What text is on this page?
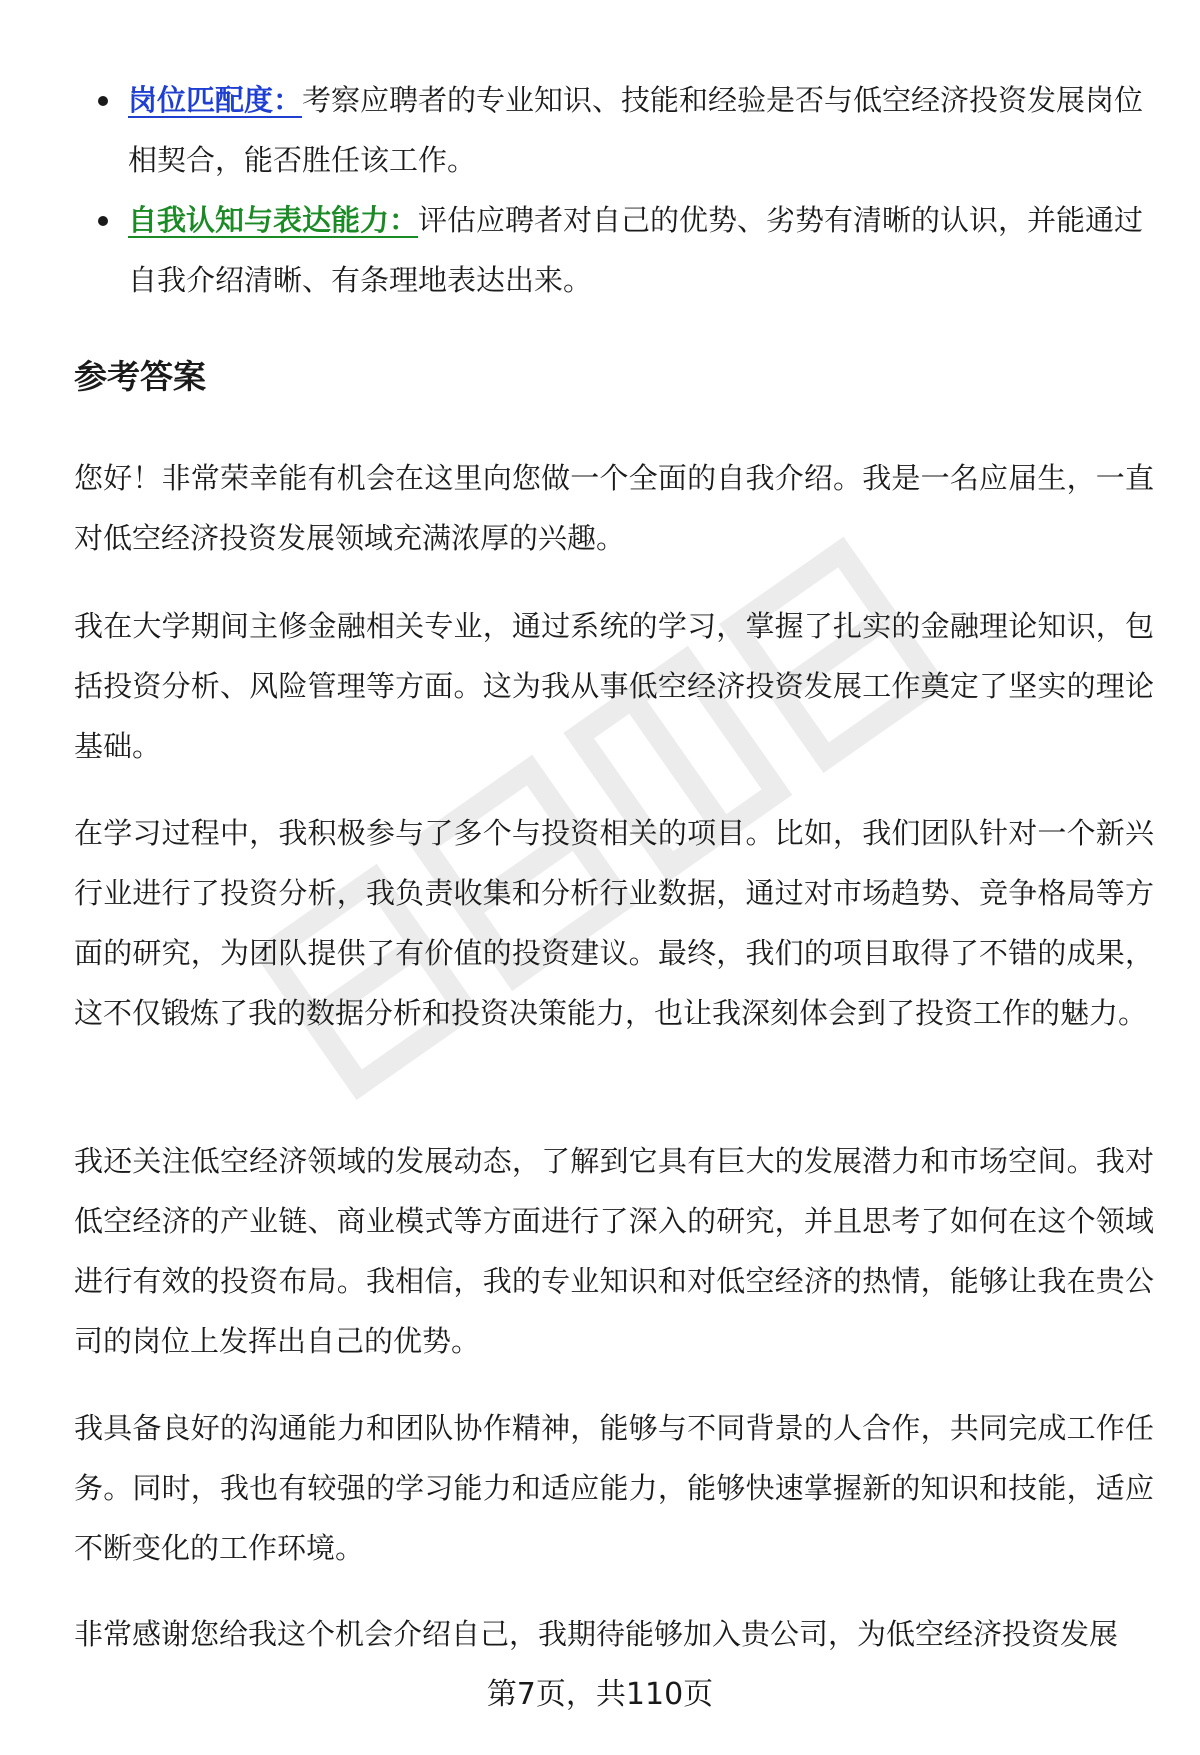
岗位匹配度：考察应聘者的专业知识、技能和经验是否与低空经济投资发展岗位相契合，能否胜任该工作。
自我认知与表达能力：评估应聘者对自己的优势、劣势有清晰的认识，并能通过自我介绍清晰、有条理地表达出来。
参考答案

您好！非常荣幸能有机会在这里向您做一个全面的自我介绍。我是一名应届生，一直对低空经济投资发展领域充满浓厚的兴趣。

我在大学期间主修金融相关专业，通过系统的学习，掌握了扎实的金融理论知识，包括投资分析、风险管理等方面。这为我从事低空经济投资发展工作奠定了坚实的理论基础。

在学习过程中，我积极参与了多个与投资相关的项目。比如，我们团队针对一个新兴行业进行了投资分析，我负责收集和分析行业数据，通过对市场趋势、竞争格局等方面的研究，为团队提供了有价值的投资建议。最终，我们的项目取得了不错的成果，这不仅锻炼了我的数据分析和投资决策能力，也让我深刻体会到了投资工作的魅力。

我还关注低空经济领域的发展动态，了解到它具有巨大的发展潜力和市场空间。我对低空经济的产业链、商业模式等方面进行了深入的研究，并且思考了如何在这个领域进行有效的投资布局。我相信，我的专业知识和对低空经济的热情，能够让我在贵公司的岗位上发挥出自己的优势。

我具备良好的沟通能力和团队协作精神，能够与不同背景的人合作，共同完成工作任务。同时，我也有较强的学习能力和适应能力，能够快速掌握新的知识和技能，适应不断变化的工作环境。

非常感谢您给我这个机会介绍自己，我期待能够加入贵公司，为低空经济投资发展

第7页，共110页
